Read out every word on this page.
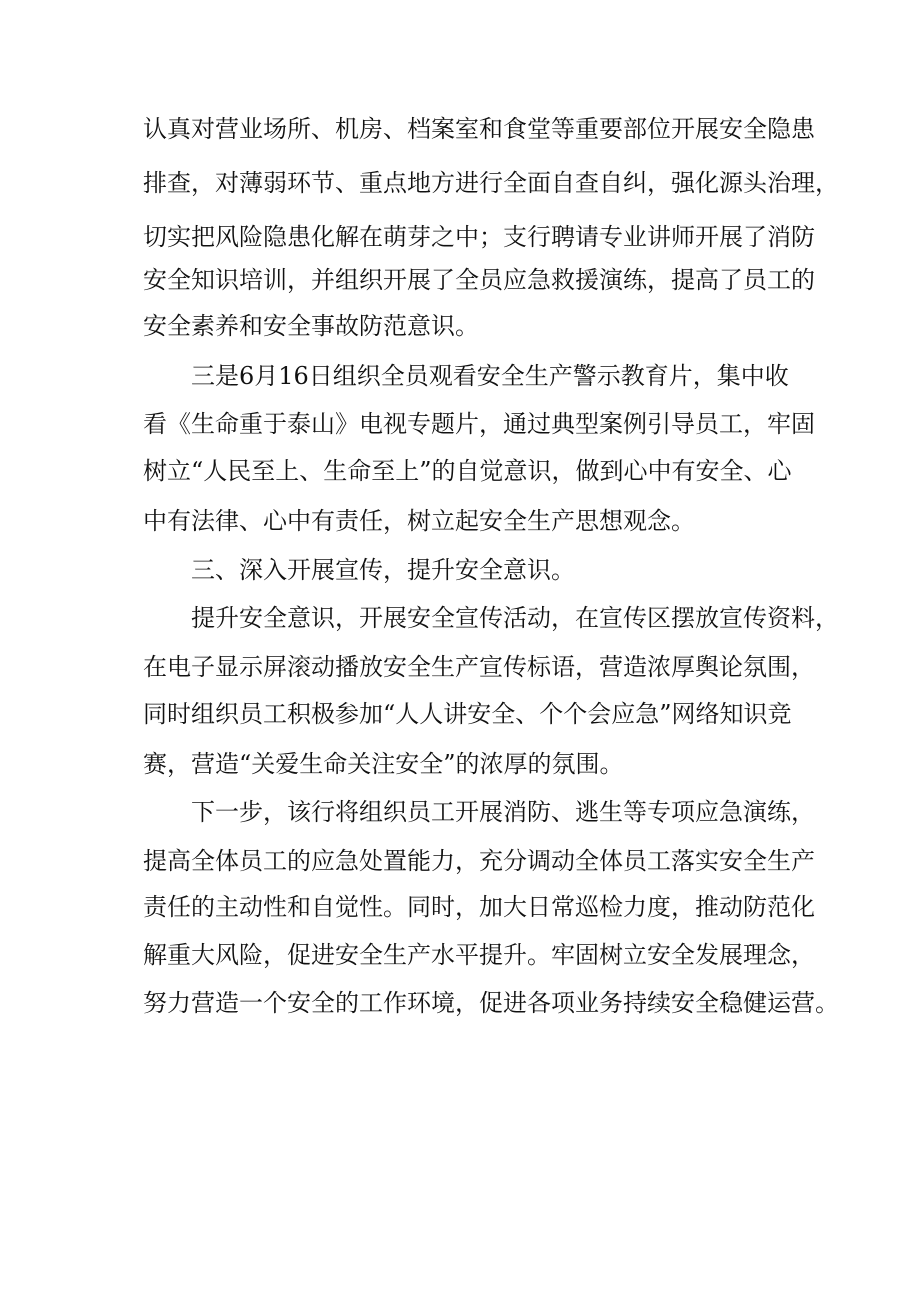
认真对营业场所、机房、档案室和食堂等重要部位开展安全隐患
排查，对薄弱环节、重点地方进行全面自查自纠，强化源头治理，
切实把风险隐患化解在萌芽之中；支行聘请专业讲师开展了消防
安全知识培训，并组织开展了全员应急救援演练，提高了员工的
安全素养和安全事故防范意识。
三是6月16日组织全员观看安全生产警示教育片，集中收
看《生命重于泰山》电视专题片，通过典型案例引导员工，牢固
树立“人民至上、生命至上”的自觉意识，做到心中有安全、心
中有法律、心中有责任，树立起安全生产思想观念。
三、深入开展宣传，提升安全意识。
提升安全意识，开展安全宣传活动，在宣传区摆放宣传资料，
在电子显示屏滚动播放安全生产宣传标语，营造浓厚舆论氛围，
同时组织员工积极参加“人人讲安全、个个会应急”网络知识竞
赛，营造“关爱生命关注安全”的浓厚的氛围。
下一步，该行将组织员工开展消防、逃生等专项应急演练，
提高全体员工的应急处置能力，充分调动全体员工落实安全生产
责任的主动性和自觉性。同时，加大日常巡检力度，推动防范化
解重大风险，促进安全生产水平提升。牢固树立安全发展理念，
努力营造一个安全的工作环境，促进各项业务持续安全稳健运营。
